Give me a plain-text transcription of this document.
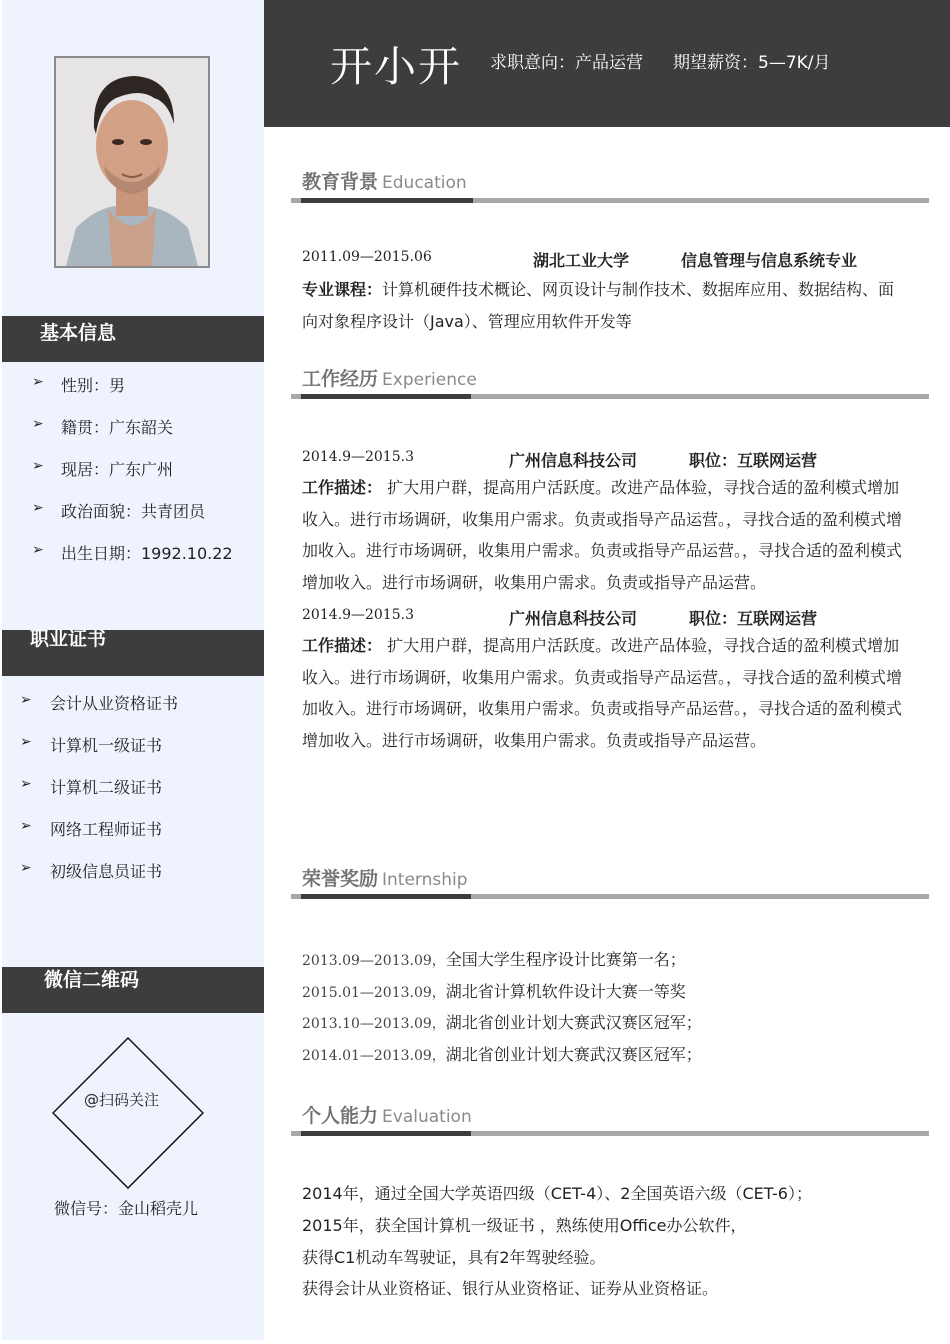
基本信息
➢ 性别：男
➢ 籍贯：广东韶关
➢ 现居：广东广州
➢ 政治面貌：共青团员
➢ 出生日期：1992.10.22
职业证书
➢ 会计从业资格证书
➢ 计算机一级证书
➢ 计算机二级证书
➢ 网络工程师证书
➢ 初级信息员证书
微信二维码
@扫码关注
微信号：金山稻壳儿
开小开 求职意向：产品运营 期望薪资：5—7K/月
教育背景 Education
2011.09—2015.06	湖北工业大学	信息管理与信息系统专业
专业课程：计算机硬件技术概论、网页设计与制作技术、数据库应用、数据结构、面向对象程序设计（Java）、管理应用软件开发等
工作经历 Experience
2014.9—2015.3	广州信息科技公司	职位：互联网运营
工作描述： 扩大用户群，提高用户活跃度。改进产品体验，寻找合适的盈利模式增加收入。进行市场调研，收集用户需求。负责或指导产品运营。，寻找合适的盈利模式增加收入。进行市场调研，收集用户需求。负责或指导产品运营。，寻找合适的盈利模式增加收入。进行市场调研，收集用户需求。负责或指导产品运营。
2014.9—2015.3	广州信息科技公司	职位：互联网运营
工作描述： 扩大用户群，提高用户活跃度。改进产品体验，寻找合适的盈利模式增加收入。进行市场调研，收集用户需求。负责或指导产品运营。，寻找合适的盈利模式增加收入。进行市场调研，收集用户需求。负责或指导产品运营。，寻找合适的盈利模式增加收入。进行市场调研，收集用户需求。负责或指导产品运营。
荣誉奖励 Internship
2013.09—2013.09，全国大学生程序设计比赛第一名；
2015.01—2013.09，湖北省计算机软件设计大赛一等奖
2013.10—2013.09，湖北省创业计划大赛武汉赛区冠军；
2014.01—2013.09，湖北省创业计划大赛武汉赛区冠军；
个人能力 Evaluation
2014年，通过全国大学英语四级（CET-4）、2全国英语六级（CET-6）；
2015年，获全国计算机一级证书 ，熟练使用Office办公软件，
获得C1机动车驾驶证，具有2年驾驶经验。
获得会计从业资格证、银行从业资格证、证券从业资格证。
